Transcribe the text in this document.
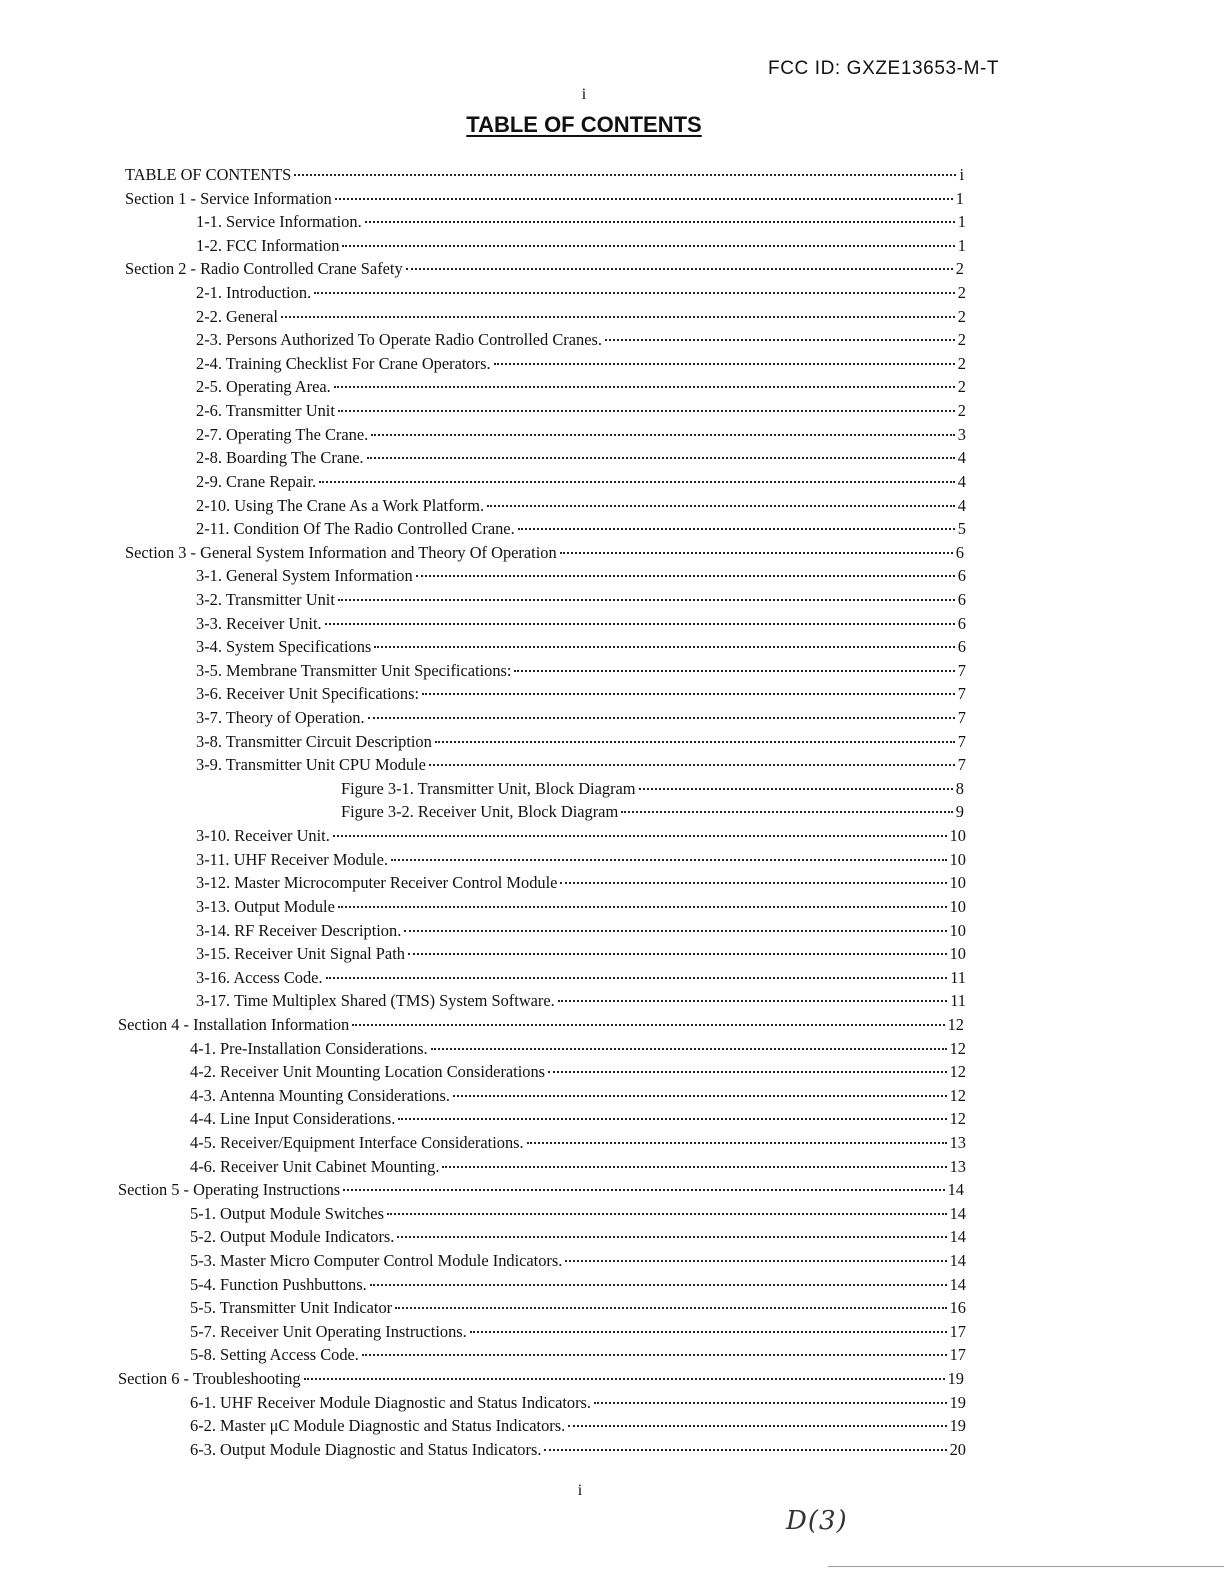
FCC ID: GXZE13653-M-T
i
TABLE OF CONTENTS
TABLE OF CONTENTS	i
Section 1 - Service Information	1
1-1. Service Information.	1
1-2. FCC Information	1
Section 2 - Radio Controlled Crane Safety	2
2-1. Introduction.	2
2-2. General	2
2-3. Persons Authorized To Operate Radio Controlled Cranes.	2
2-4. Training Checklist For Crane Operators.	2
2-5. Operating Area.	2
2-6. Transmitter Unit	2
2-7. Operating The Crane.	3
2-8. Boarding The Crane.	4
2-9. Crane Repair.	4
2-10. Using The Crane As a Work Platform.	4
2-11. Condition Of The Radio Controlled Crane.	5
Section 3 - General System Information and Theory Of Operation	6
3-1. General System Information	6
3-2. Transmitter Unit	6
3-3. Receiver Unit.	6
3-4. System Specifications	6
3-5. Membrane Transmitter Unit Specifications:	7
3-6. Receiver Unit Specifications:	7
3-7. Theory of Operation.	7
3-8. Transmitter Circuit Description	7
3-9. Transmitter Unit CPU Module	7
Figure 3-1. Transmitter Unit, Block Diagram	8
Figure 3-2. Receiver Unit, Block Diagram	9
3-10. Receiver Unit.	10
3-11. UHF Receiver Module.	10
3-12. Master Microcomputer Receiver Control Module	10
3-13. Output Module	10
3-14. RF Receiver Description.	10
3-15. Receiver Unit Signal Path	10
3-16. Access Code.	11
3-17. Time Multiplex Shared (TMS) System Software.	11
Section 4 - Installation Information	12
4-1. Pre-Installation Considerations.	12
4-2. Receiver Unit Mounting Location Considerations	12
4-3. Antenna Mounting Considerations.	12
4-4. Line Input Considerations.	12
4-5. Receiver/Equipment Interface Considerations.	13
4-6. Receiver Unit Cabinet Mounting.	13
Section 5 - Operating Instructions	14
5-1. Output Module Switches	14
5-2. Output Module Indicators.	14
5-3. Master Micro Computer Control Module Indicators.	14
5-4. Function Pushbuttons.	14
5-5. Transmitter Unit Indicator	16
5-7. Receiver Unit Operating Instructions.	17
5-8. Setting Access Code.	17
Section 6 - Troubleshooting	19
6-1. UHF Receiver Module Diagnostic and Status Indicators.	19
6-2. Master μC Module Diagnostic and Status Indicators.	19
6-3. Output Module Diagnostic and Status Indicators.	20
i
D(3)
